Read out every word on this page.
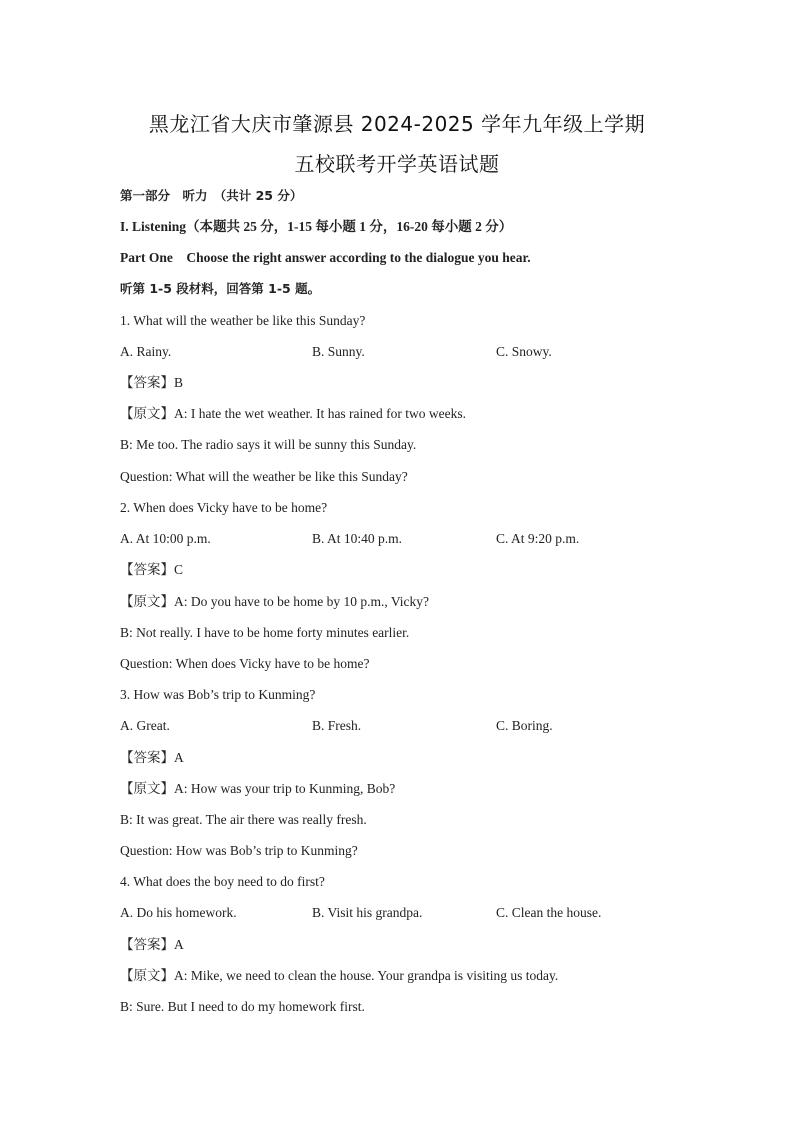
黑龙江省大庆市肇源县 2024-2025 学年九年级上学期
五校联考开学英语试题
第一部分　听力　（共计 25 分）
I. Listening（本题共 25 分，1-15 每小题 1 分，16-20 每小题 2 分）
Part One　Choose the right answer according to the dialogue you hear.
听第 1-5 段材料，回答第 1-5 题。
1. What will the weather be like this Sunday?
A. Rainy.	B. Sunny.	C. Snowy.
【答案】B
【原文】A: I hate the wet weather. It has rained for two weeks.
B: Me too. The radio says it will be sunny this Sunday.
Question: What will the weather be like this Sunday?
2. When does Vicky have to be home?
A. At 10:00 p.m.	B. At 10:40 p.m.	C. At 9:20 p.m.
【答案】C
【原文】A: Do you have to be home by 10 p.m., Vicky?
B: Not really. I have to be home forty minutes earlier.
Question: When does Vicky have to be home?
3. How was Bob’s trip to Kunming?
A. Great.	B. Fresh.	C. Boring.
【答案】A
【原文】A: How was your trip to Kunming, Bob?
B: It was great. The air there was really fresh.
Question: How was Bob’s trip to Kunming?
4. What does the boy need to do first?
A. Do his homework.	B. Visit his grandpa.	C. Clean the house.
【答案】A
【原文】A: Mike, we need to clean the house. Your grandpa is visiting us today.
B: Sure. But I need to do my homework first.
